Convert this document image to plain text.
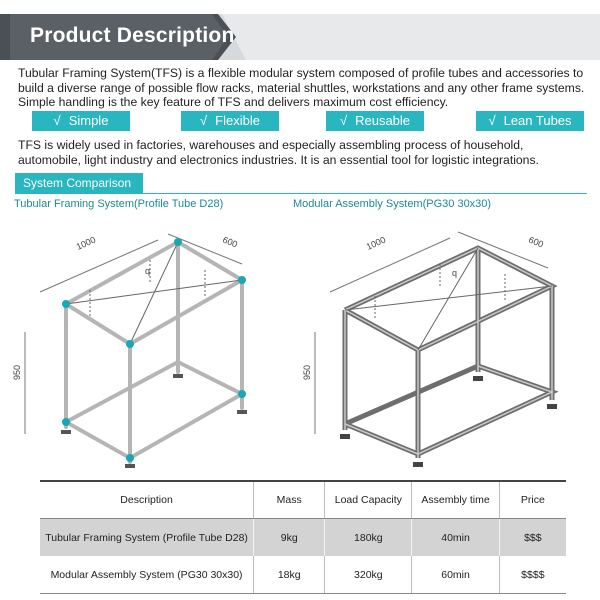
Product Description

Tubular Framing System(TFS) is a flexible modular system composed of profile tubes and accessories to build a diverse range of possible flow racks, material shuttles, workstations and any other frame systems. Simple handling is the key feature of TFS and delivers maximum cost efficiency.

√ Simple	√ Flexible	√ Reusable	√ Lean Tubes

TFS is widely used in factories, warehouses and especially assembling process of household, automobile, light industry and electronics industries. It is an essential tool for logistic integrations.

System Comparison
Tubular Framing System(Profile Tube D28)	Modular Assembly System(PG30 30x30)
1000	600
950
q
1000	600
950
q
Description	Mass	Load Capacity	Assembly time	Price
Tubular Framing System (Profile Tube D28)	9kg	180kg	40min	$$$
Modular Assembly System (PG30 30x30)	18kg	320kg	60min	$$$$
